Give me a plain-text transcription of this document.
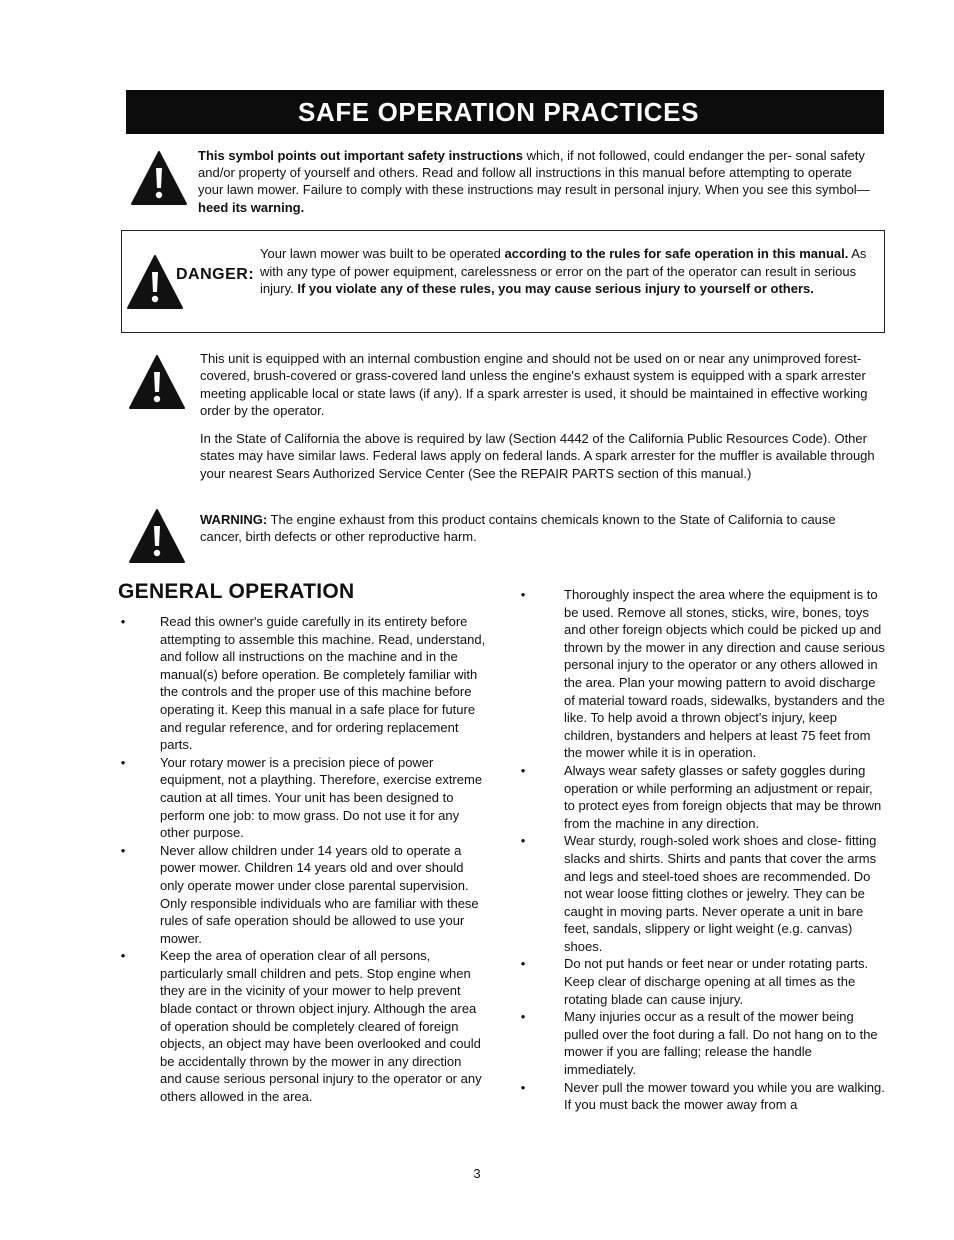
SAFE OPERATION PRACTICES
This symbol points out important safety instructions which, if not followed, could endanger the per- sonal safety and/or property of yourself and others. Read and follow all instructions in this manual before attempting to operate your lawn mower. Failure to comply with these instructions may result in personal injury. When you see this symbol—heed its warning.
DANGER:
Your lawn mower was built to be operated according to the rules for safe operation in this manual. As with any type of power equipment, carelessness or error on the part of the operator can result in serious injury. If you violate any of these rules, you may cause serious injury to yourself or others.
This unit is equipped with an internal combustion engine and should not be used on or near any unimproved forest-covered, brush-covered or grass-covered land unless the engine's exhaust system is equipped with a spark arrester meeting applicable local or state laws (if any). If a spark arrester is used, it should be maintained in effective working order by the operator.
In the State of California the above is required by law (Section 4442 of the California Public Resources Code). Other states may have similar laws. Federal laws apply on federal lands. A spark arrester for the muffler is available through your nearest Sears Authorized Service Center (See the REPAIR PARTS section of this manual.)
WARNING: The engine exhaust from this product contains chemicals known to the State of California to cause cancer, birth defects or other reproductive harm.
GENERAL OPERATION
•	Read this owner's guide carefully in its entirety before attempting to assemble this machine. Read, understand, and follow all instructions on the machine and in the manual(s) before operation. Be completely familiar with the controls and the proper use of this machine before operating it. Keep this manual in a safe place for future and regular reference, and for ordering replacement parts.
•	Your rotary mower is a precision piece of power equipment, not a plaything. Therefore, exercise extreme caution at all times. Your unit has been designed to perform one job: to mow grass. Do not use it for any other purpose.
•	Never allow children under 14 years old to operate a power mower. Children 14 years old and over should only operate mower under close parental supervision. Only responsible individuals who are familiar with these rules of safe operation should be allowed to use your mower.
•	Keep the area of operation clear of all persons, particularly small children and pets. Stop engine when they are in the vicinity of your mower to help prevent blade contact or thrown object injury. Although the area of operation should be completely cleared of foreign objects, an object may have been overlooked and could be accidentally thrown by the mower in any direction and cause serious personal injury to the operator or any others allowed in the area.
•	Thoroughly inspect the area where the equipment is to be used. Remove all stones, sticks, wire, bones, toys and other foreign objects which could be picked up and thrown by the mower in any direction and cause serious personal injury to the operator or any others allowed in the area. Plan your mowing pattern to avoid discharge of material toward roads, sidewalks, bystanders and the like. To help avoid a thrown object's injury, keep children, bystanders and helpers at least 75 feet from the mower while it is in operation.
•	Always wear safety glasses or safety goggles during operation or while performing an adjustment or repair, to protect eyes from foreign objects that may be thrown from the machine in any direction.
•	Wear sturdy, rough-soled work shoes and close- fitting slacks and shirts. Shirts and pants that cover the arms and legs and steel-toed shoes are recommended. Do not wear loose fitting clothes or jewelry. They can be caught in moving parts. Never operate a unit in bare feet, sandals, slippery or light weight (e.g. canvas) shoes.
•	Do not put hands or feet near or under rotating parts. Keep clear of discharge opening at all times as the rotating blade can cause injury.
•	Many injuries occur as a result of the mower being pulled over the foot during a fall. Do not hang on to the mower if you are falling; release the handle immediately.
•	Never pull the mower toward you while you are walking. If you must back the mower away from a
3
